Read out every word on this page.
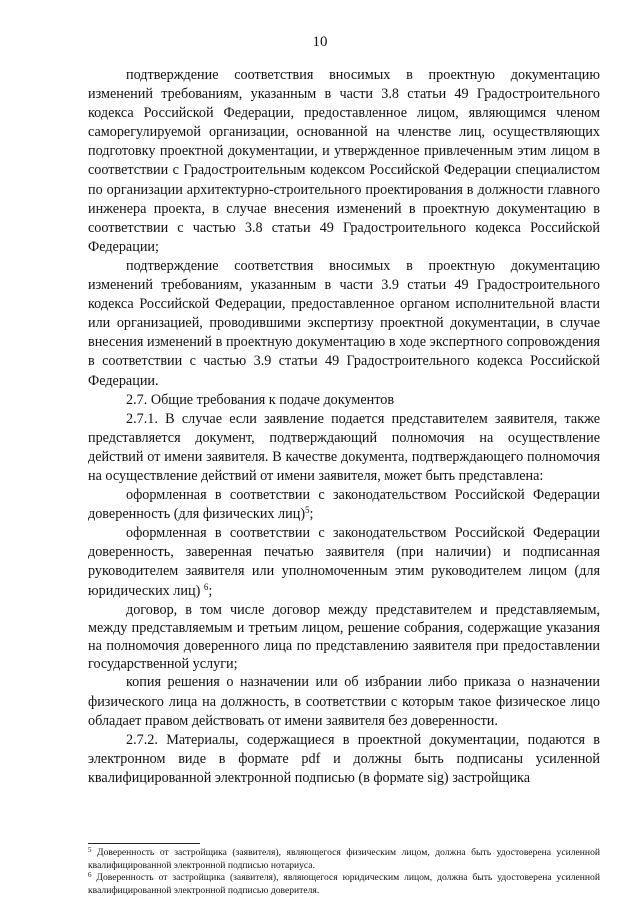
10

подтверждение соответствия вносимых в проектную документацию изменений требованиям, указанным в части 3.8 статьи 49 Градостроительного кодекса Российской Федерации, предоставленное лицом, являющимся членом саморегулируемой организации, основанной на членстве лиц, осуществляющих подготовку проектной документации, и утвержденное привлеченным этим лицом в соответствии с Градостроительным кодексом Российской Федерации специалистом по организации архитектурно-строительного проектирования в должности главного инженера проекта, в случае внесения изменений в проектную документацию в соответствии с частью 3.8 статьи 49 Градостроительного кодекса Российской Федерации;

подтверждение соответствия вносимых в проектную документацию изменений требованиям, указанным в части 3.9 статьи 49 Градостроительного кодекса Российской Федерации, предоставленное органом исполнительной власти или организацией, проводившими экспертизу проектной документации, в случае внесения изменений в проектную документацию в ходе экспертного сопровождения в соответствии с частью 3.9 статьи 49 Градостроительного кодекса Российской Федерации.

2.7. Общие требования к подаче документов

2.7.1. В случае если заявление подается представителем заявителя, также представляется документ, подтверждающий полномочия на осуществление действий от имени заявителя. В качестве документа, подтверждающего полномочия на осуществление действий от имени заявителя, может быть представлена:

оформленная в соответствии с законодательством Российской Федерации доверенность (для физических лиц)$^5$;

оформленная в соответствии с законодательством Российской Федерации доверенность, заверенная печатью заявителя (при наличии) и подписанная руководителем заявителя или уполномоченным этим руководителем лицом (для юридических лиц) $^6$;

договор, в том числе договор между представителем и представляемым, между представляемым и третьим лицом, решение собрания, содержащие указания на полномочия доверенного лица по представлению заявителя при предоставлении государственной услуги;

копия решения о назначении или об избрании либо приказа о назначении физического лица на должность, в соответствии с которым такое физическое лицо обладает правом действовать от имени заявителя без доверенности.

2.7.2. Материалы, содержащиеся в проектной документации, подаются в электронном виде в формате pdf и должны быть подписаны усиленной квалифицированной электронной подписью (в формате sig) застройщика

$^5$ Доверенность от застройщика (заявителя), являющегося физическим лицом, должна быть удостоверена усиленной квалифицированной электронной подписью нотариуса.

$^6$ Доверенность от застройщика (заявителя), являющегося юридическим лицом, должна быть удостоверена усиленной квалифицированной электронной подписью доверителя.
